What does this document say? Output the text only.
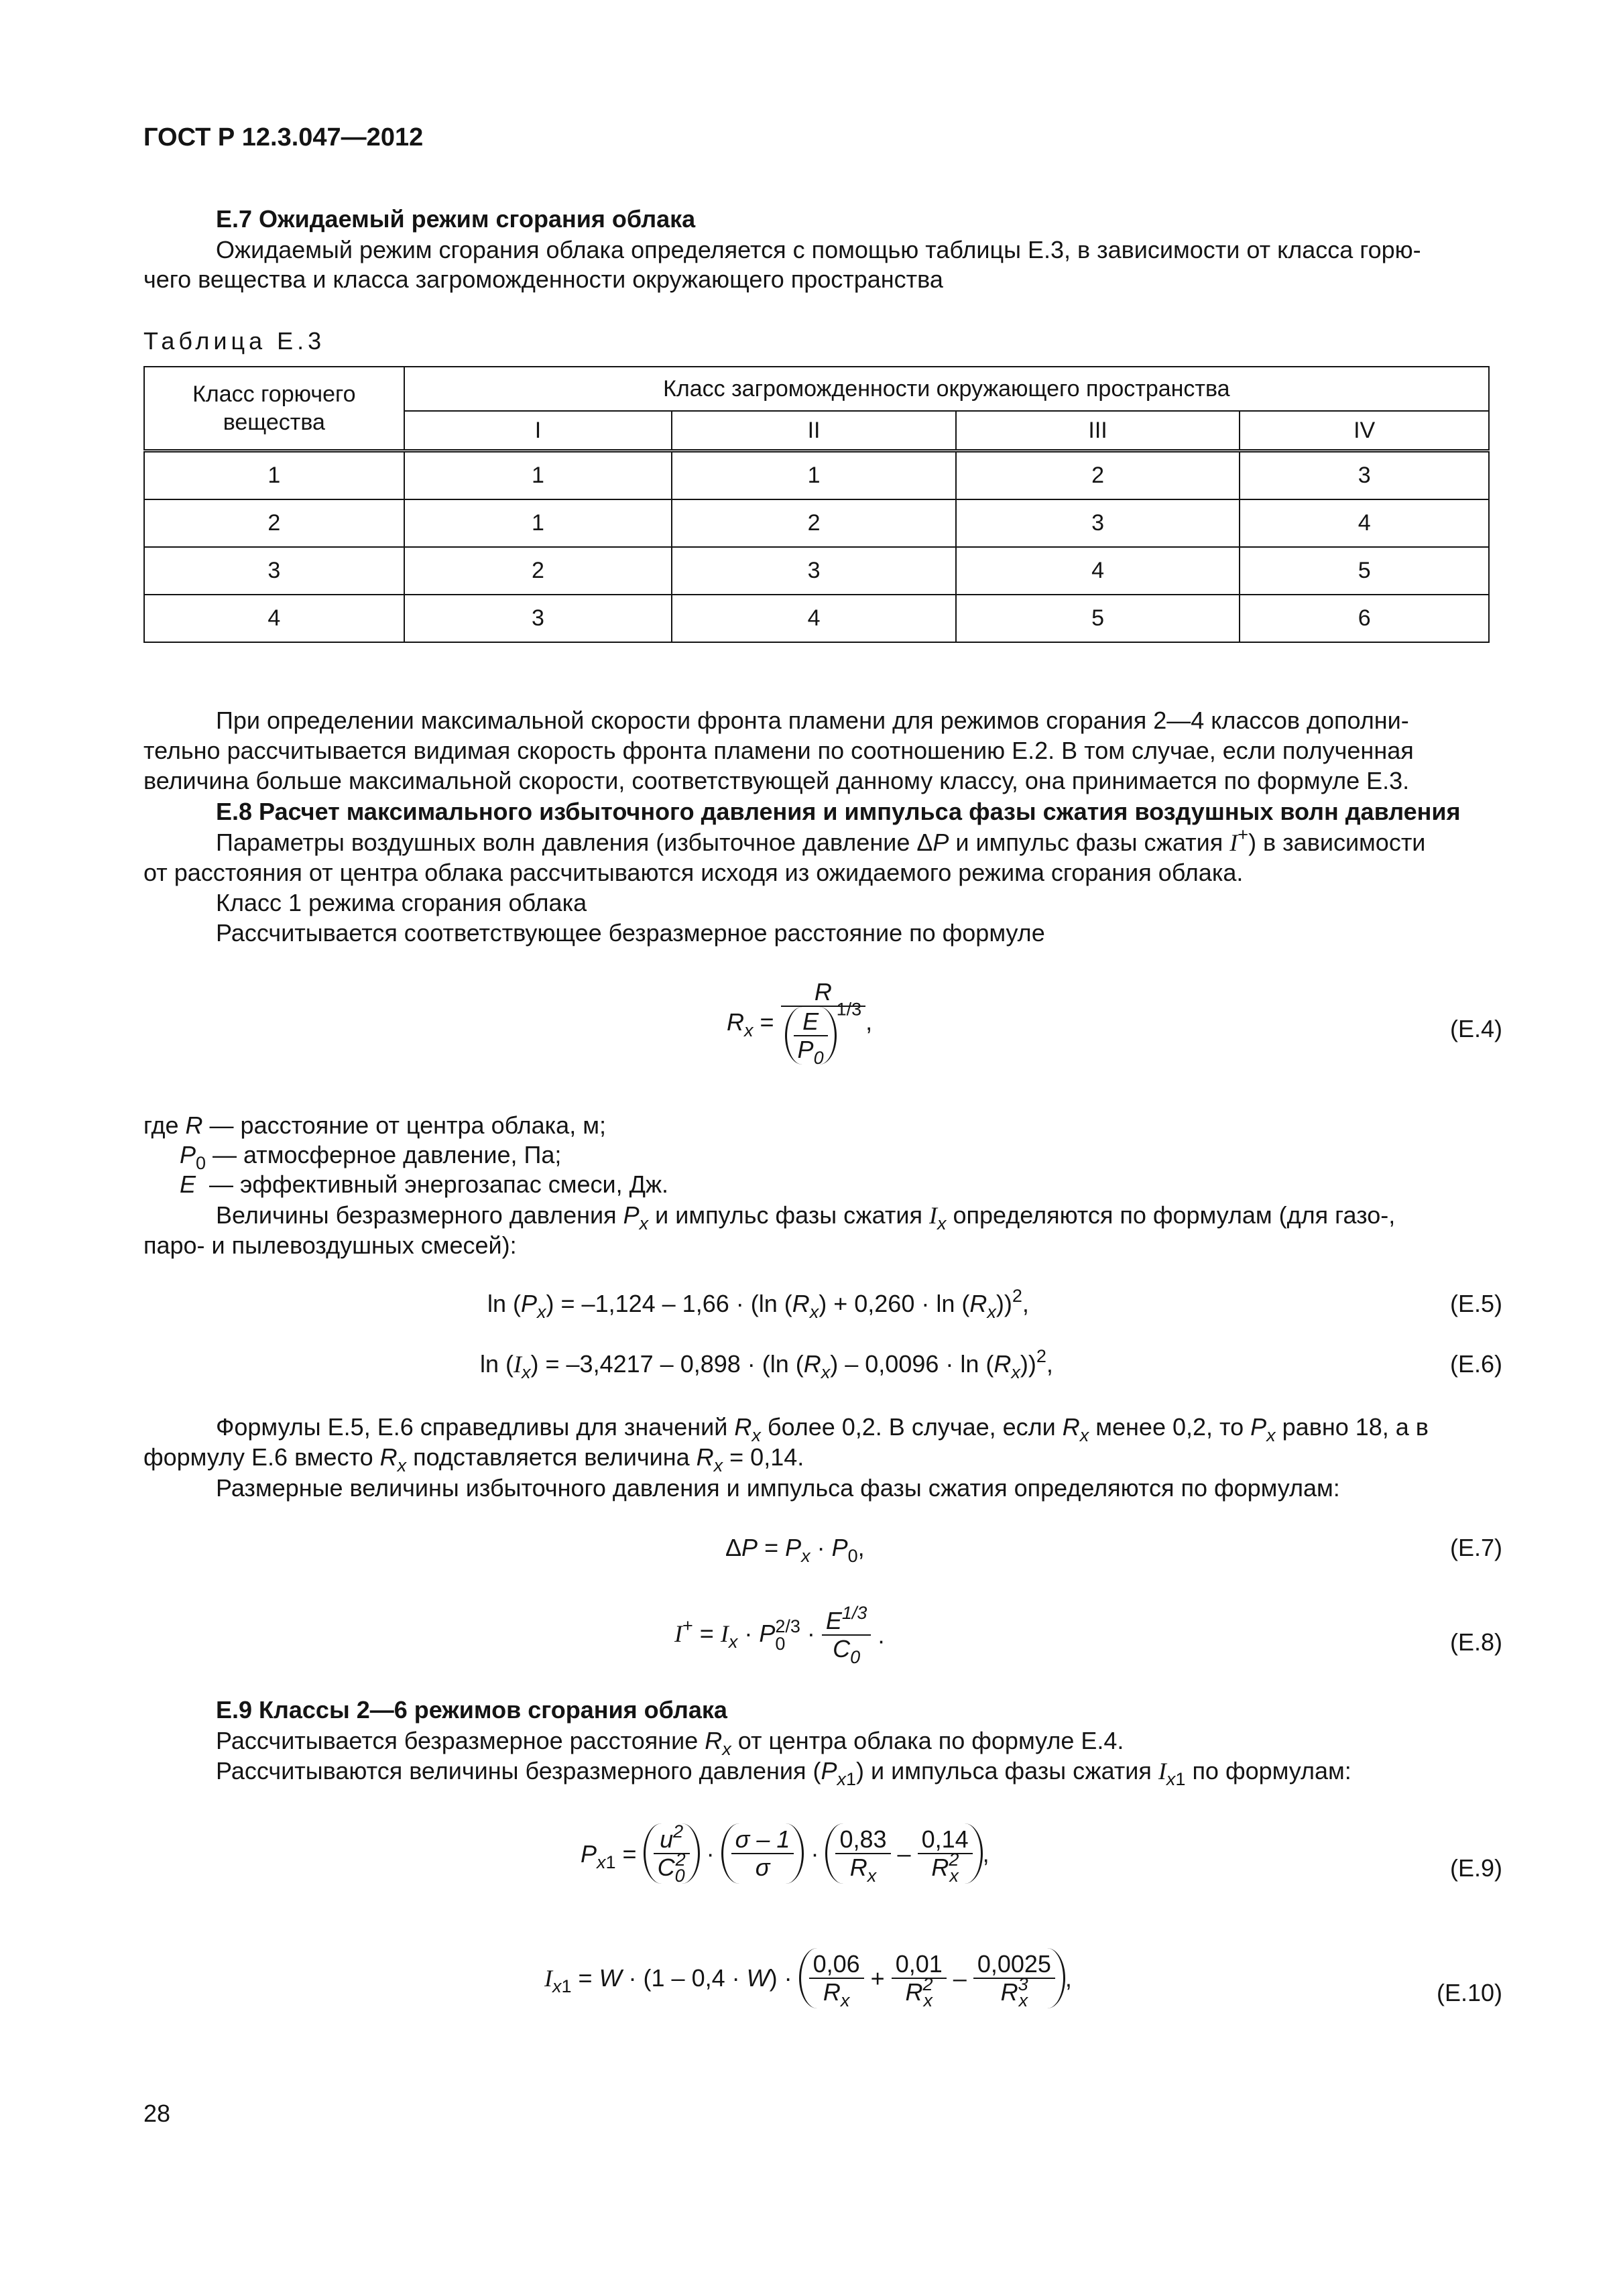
ГОСТ Р 12.3.047—2012
Е.7 Ожидаемый режим сгорания облака
Ожидаемый режим сгорания облака определяется с помощью таблицы Е.3, в зависимости от класса горю-
чего вещества и класса загроможденности окружающего пространства
Таблица Е.3
Класс горючего вещества	Класс загроможденности окружающего пространства			
	I	II	III	IV
1	1	1	2	3
2	1	2	3	4
3	2	3	4	5
4	3	4	5	6
При определении максимальной скорости фронта пламени для режимов сгорания 2—4 классов дополни-
тельно рассчитывается видимая скорость фронта пламени по соотношению Е.2. В том случае, если полученная
величина больше максимальной скорости, соответствующей данному классу, она принимается по формуле Е.3.
Е.8 Расчет максимального избыточного давления и импульса фазы сжатия воздушных волн давления
Параметры воздушных волн давления (избыточное давление ΔP и импульс фазы сжатия I+) в зависимости
от расстояния от центра облака рассчитываются исходя из ожидаемого режима сгорания облака.
Класс 1 режима сгорания облака
Рассчитывается соответствующее безразмерное расстояние по формуле
$R_x = \frac{R}{\frac{E}{P_0} ^{1/3}}$ ,	(Е.4)
где R — расстояние от центра облака, м;
$P_0$ — атмосферное давление, Па;
E  — эффективный энергозапас смеси, Дж.
Величины безразмерного давления $P_x$ и импульс фазы сжатия $I_x$ определяются по формулам (для газо-,
паро- и пылевоздушных смесей):
$\ln (P_x) = -1,124 - 1,66 \cdot (\ln$ $(R_x) + 0,260 \cdot \ln (R_x))^2$,	(Е.5)
$\ln (I_x) = -3,4217 - 0,898 \cdot (\ln$ $(R_x) - 0,0096 \cdot \ln (R_x))^2$,	(Е.6)
Формулы Е.5, Е.6 справедливы для значений $R_x$ более 0,2. В случае, если $R_x$ менее 0,2, то $P_x$ равно 18, а в
формулу Е.6 вместо $R_x$ подставляется величина $R_x = 0,14$.
Размерные величины избыточного давления и импульса фазы сжатия определяются по формулам:
$\Delta P = P_x \cdot P_0$,	(Е.7)
$I^+ = I_x \cdot P$ 2/3
$0 \cdot \frac{E^{1/3}}{C_0}$ .	(Е.8)
Е.9 Классы 2—6 режимов сгорания облака
Рассчитывается безразмерное расстояние $R_x$ от центра облака по формуле Е.4.
Рассчитываются величины безразмерного давления $(P_{x1})$ и импульса фазы сжатия $I_{x1}$ по формулам:
$P_{x1} = \frac{u^2}{C_0^2} \cdot \frac{\sigma - 1}{\sigma} \cdot \frac{0,83}{R_x} - \frac{0,14}{R^2_x}$ ,
(Е.9)
$I_{x1} = W \cdot (1 - 0,4 \cdot W) \cdot \frac{0,06}{R_x} + \frac{0,01}{R^2_x} - \frac{0,0025}{R^3_x}$ ,
(Е.10)
28
